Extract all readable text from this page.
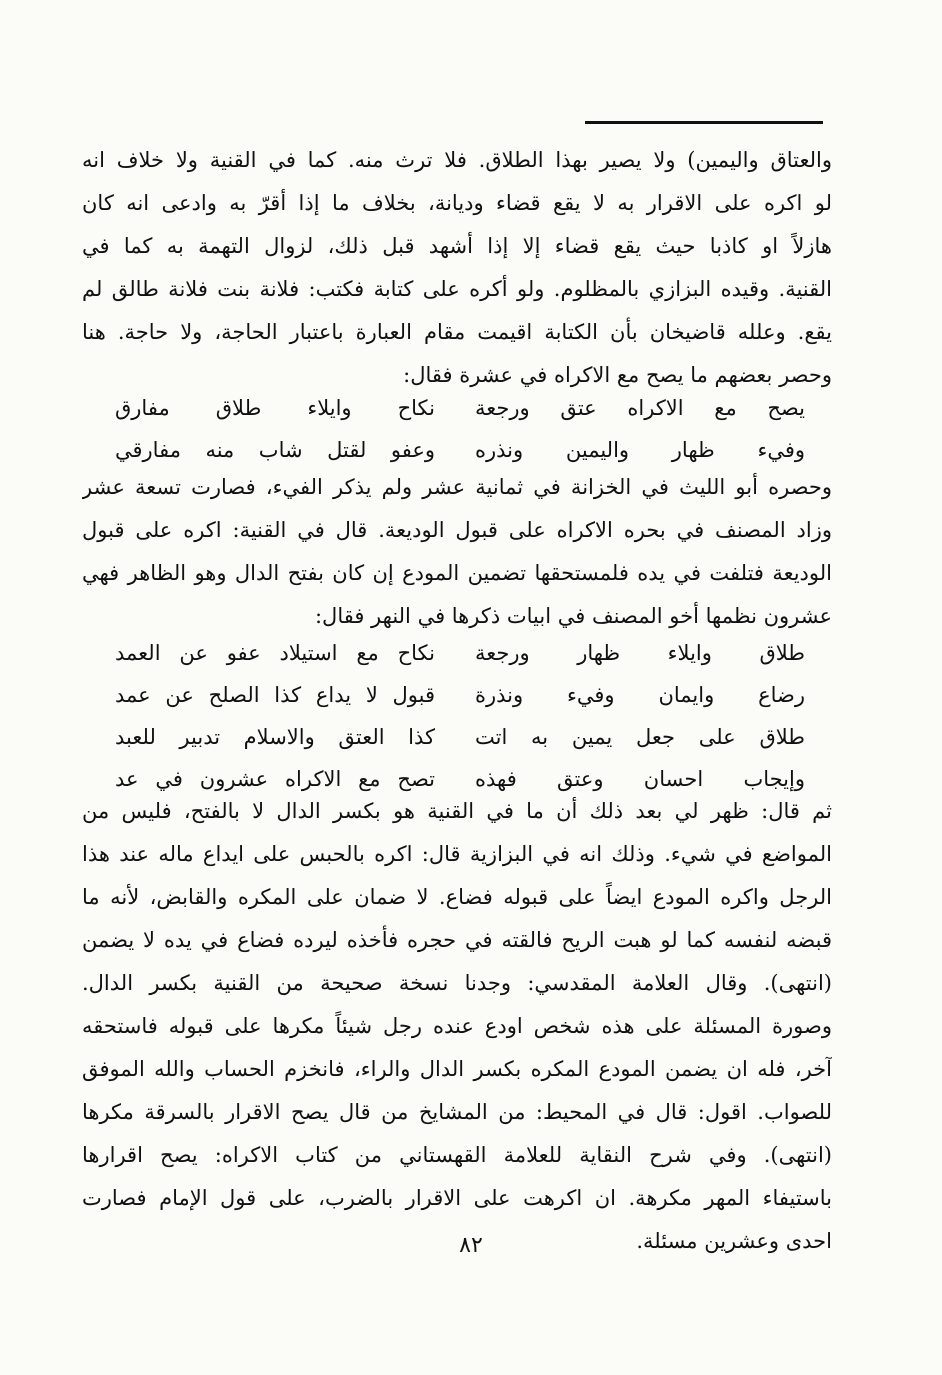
والعتاق واليمين) ولا يصير بهذا الطلاق. فلا ترث منه. كما في القنية ولا خلاف انه
لو اكره على الاقرار به لا يقع قضاء وديانة، بخلاف ما إذا أقرّ به وادعى انه كان
هازلاً او كاذبا حيث يقع قضاء إلا إذا أشهد قبل ذلك، لزوال التهمة به كما في
القنية. وقيده البزازي بالمظلوم. ولو أكره على كتابة فكتب: فلانة بنت فلانة طالق لم
يقع. وعلله قاضيخان بأن الكتابة اقيمت مقام العبارة باعتبار الحاجة، ولا حاجة. هنا
وحصر بعضهم ما يصح مع الاكراه في عشرة فقال:
يصح مع الاكراه عتق ورجعة
نكاح وايلاء طلاق مفارق
وفيء ظهار واليمين ونذره
وعفو لقتل شاب منه مفارقي
وحصره أبو الليث في الخزانة في ثمانية عشر ولم يذكر الفيء، فصارت تسعة عشر
وزاد المصنف في بحره الاكراه على قبول الوديعة. قال في القنية: اكره على قبول
الوديعة فتلفت في يده فلمستحقها تضمين المودع إن كان بفتح الدال وهو الظاهر فهي
عشرون نظمها أخو المصنف في ابيات ذكرها في النهر فقال:
طلاق وايلاء ظهار ورجعة
نكاح مع استيلاد عفو عن العمد
رضاع وايمان وفيء ونذرة
قبول لا يداع كذا الصلح عن عمد
طلاق على جعل يمين به اتت
كذا العتق والاسلام تدبير للعبد
وإيجاب احسان وعتق فهذه
تصح مع الاكراه عشرون في عد
ثم قال: ظهر لي بعد ذلك أن ما في القنية هو بكسر الدال لا بالفتح، فليس من
المواضع في شيء. وذلك انه في البزازية قال: اكره بالحبس على ايداع ماله عند هذا
الرجل واكره المودع ايضاً على قبوله فضاع. لا ضمان على المكره والقابض، لأنه ما
قبضه لنفسه كما لو هبت الريح فالقته في حجره فأخذه ليرده فضاع في يده لا يضمن
(انتهى). وقال العلامة المقدسي: وجدنا نسخة صحيحة من القنية بكسر الدال.
وصورة المسئلة على هذه شخص اودع عنده رجل شيئاً مكرها على قبوله فاستحقه
آخر، فله ان يضمن المودع المكره بكسر الدال والراء، فانخزم الحساب والله الموفق
للصواب. اقول: قال في المحيط: من المشايخ من قال يصح الاقرار بالسرقة مكرها
(انتهى). وفي شرح النقاية للعلامة القهستاني من كتاب الاكراه: يصح اقرارها
باستيفاء المهر مكرهة. ان اكرهت على الاقرار بالضرب، على قول الإمام فصارت
احدى وعشرين مسئلة.
٨٢
